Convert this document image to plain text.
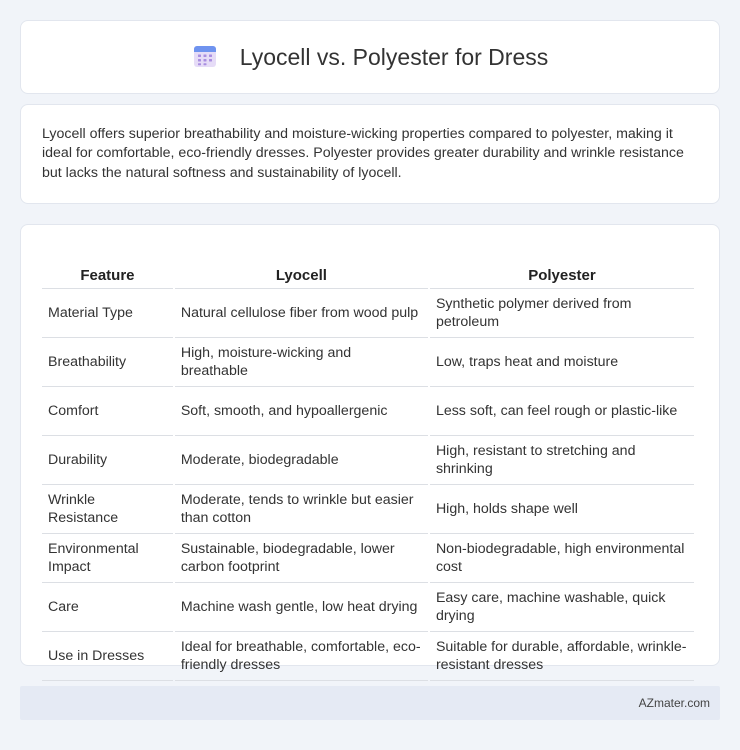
Lyocell vs. Polyester for Dress

Lyocell offers superior breathability and moisture-wicking properties compared to polyester, making it ideal for comfortable, eco-friendly dresses. Polyester provides greater durability and wrinkle resistance but lacks the natural softness and sustainability of lyocell.

Feature	Lyocell	Polyester
Material Type	Natural cellulose fiber from wood pulp	Synthetic polymer derived from petroleum
Breathability	High, moisture-wicking and breathable	Low, traps heat and moisture
Comfort	Soft, smooth, and hypoallergenic	Less soft, can feel rough or plastic-like
Durability	Moderate, biodegradable	High, resistant to stretching and shrinking
Wrinkle Resistance	Moderate, tends to wrinkle but easier than cotton	High, holds shape well
Environmental Impact	Sustainable, biodegradable, lower carbon footprint	Non-biodegradable, high environmental cost
Care	Machine wash gentle, low heat drying	Easy care, machine washable, quick drying
Use in Dresses	Ideal for breathable, comfortable, eco-friendly dresses	Suitable for durable, affordable, wrinkle-resistant dresses
AZmater.com
